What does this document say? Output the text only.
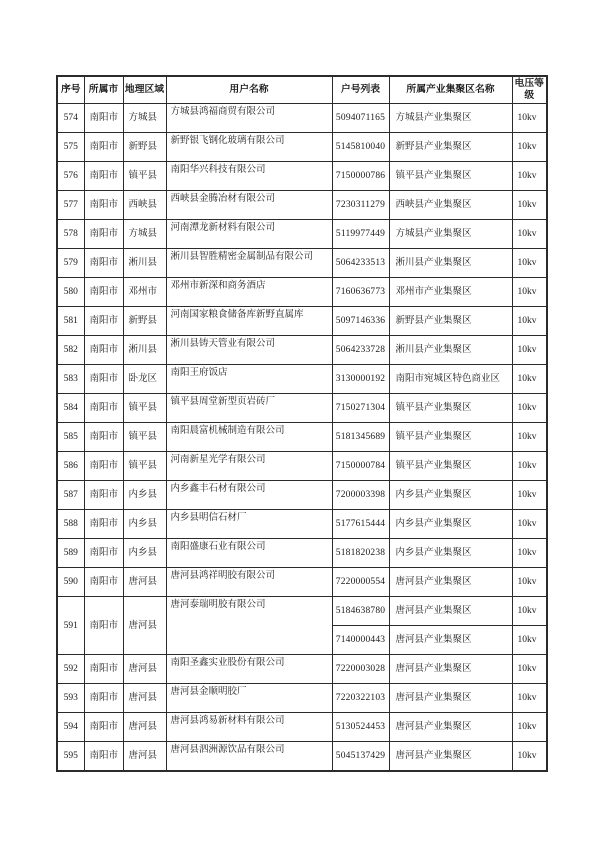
序号	所属市	地理区域	用户名称	户号列表	所属产业集聚区名称	电压等级
574	南阳市	方城县	方城县鸿福商贸有限公司	5094071165	方城县产业集聚区	10kv
575	南阳市	新野县	新野银飞钢化玻璃有限公司	5145810040	新野县产业集聚区	10kv
576	南阳市	镇平县	南阳华兴科技有限公司	7150000786	镇平县产业集聚区	10kv
577	南阳市	西峡县	西峡县金腾冶材有限公司	7230311279	西峡县产业集聚区	10kv
578	南阳市	方城县	河南潭龙新材料有限公司	5119977449	方城县产业集聚区	10kv
579	南阳市	淅川县	淅川县智胜精密金属制品有限公司	5064233513	淅川县产业集聚区	10kv
580	南阳市	邓州市	邓州市新深和商务酒店	7160636773	邓州市产业集聚区	10kv
581	南阳市	新野县	河南国家粮食储备库新野直属库	5097146336	新野县产业集聚区	10kv
582	南阳市	淅川县	淅川县铸天管业有限公司	5064233728	淅川县产业集聚区	10kv
583	南阳市	卧龙区	南阳王府饭店	3130000192	南阳市宛城区特色商业区	10kv
584	南阳市	镇平县	镇平县周堂新型页岩砖厂	7150271304	镇平县产业集聚区	10kv
585	南阳市	镇平县	南阳晨富机械制造有限公司	5181345689	镇平县产业集聚区	10kv
586	南阳市	镇平县	河南新星光学有限公司	7150000784	镇平县产业集聚区	10kv
587	南阳市	内乡县	内乡鑫丰石材有限公司	7200003398	内乡县产业集聚区	10kv
588	南阳市	内乡县	内乡县明信石材厂	5177615444	内乡县产业集聚区	10kv
589	南阳市	内乡县	南阳盛康石业有限公司	5181820238	内乡县产业集聚区	10kv
590	南阳市	唐河县	唐河县鸿祥明胶有限公司	7220000554	唐河县产业集聚区	10kv
591	南阳市	唐河县	唐河泰瑞明胶有限公司	5184638780	唐河县产业集聚区	10kv
				7140000443	唐河县产业集聚区	10kv
592	南阳市	唐河县	南阳圣鑫实业股份有限公司	7220003028	唐河县产业集聚区	10kv
593	南阳市	唐河县	唐河县金顺明胶厂	7220322103	唐河县产业集聚区	10kv
594	南阳市	唐河县	唐河县鸿易新材料有限公司	5130524453	唐河县产业集聚区	10kv
595	南阳市	唐河县	唐河县泗洲源饮品有限公司	5045137429	唐河县产业集聚区	10kv
